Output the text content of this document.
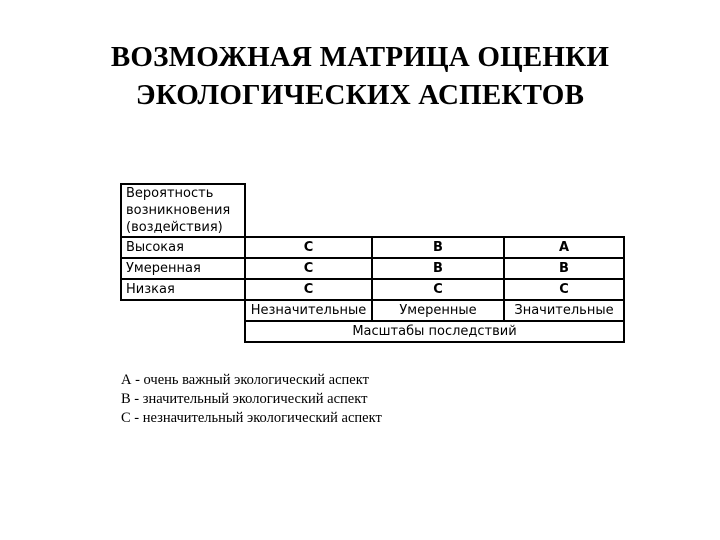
ВОЗМОЖНАЯ МАТРИЦА ОЦЕНКИ
ЭКОЛОГИЧЕСКИХ АСПЕКТОВ
Вероятность возникновения (воздействия)			

Высокая	C	B	A
Умеренная	C	B	B
Низкая	C	C	C
	Незначительные	Умеренные	Значительные
	Масштабы последствий		
А - очень важный экологический аспект
В - значительный экологический аспект
С - незначительный экологический аспект
